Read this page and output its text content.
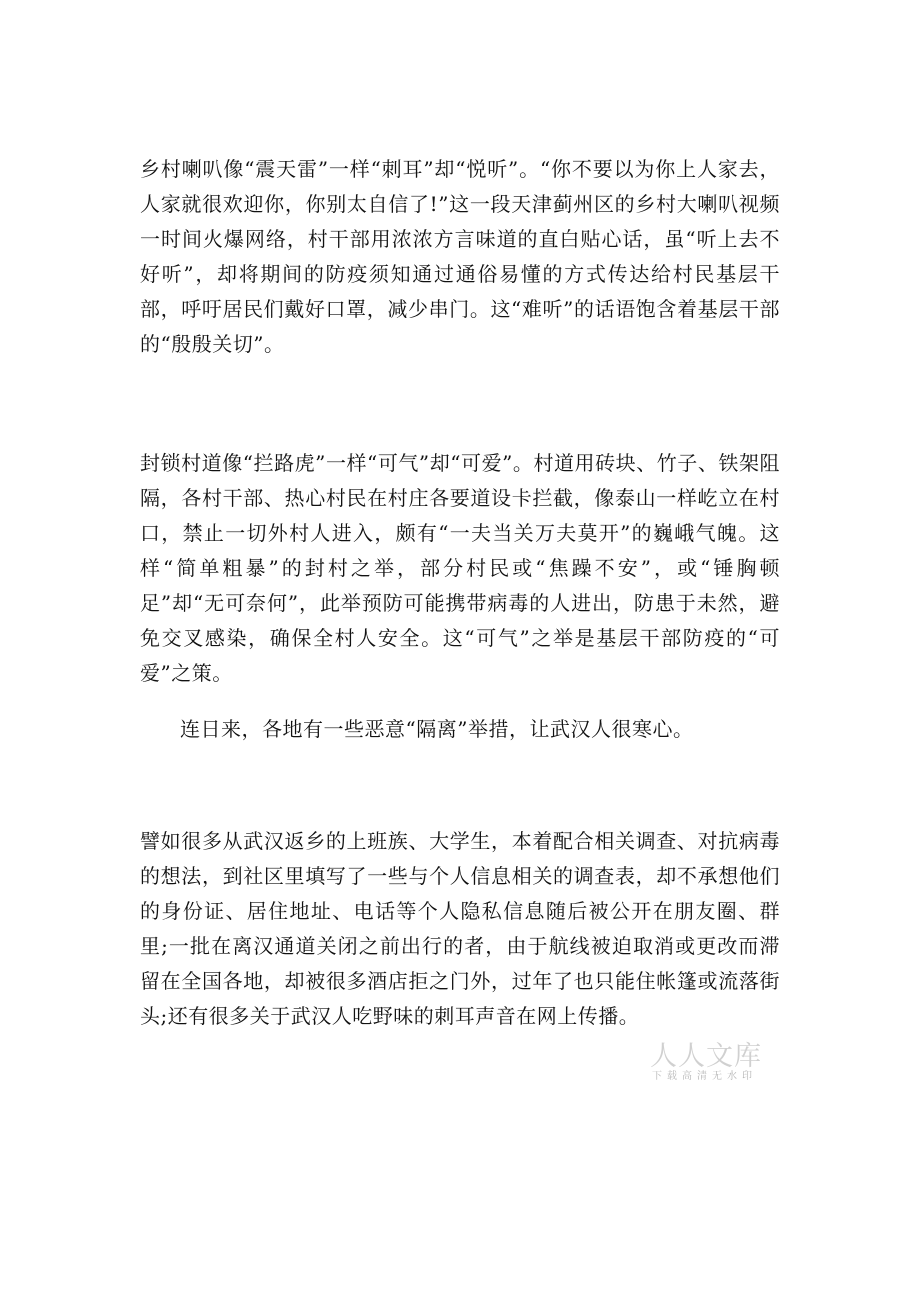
乡村喇叭像“震天雷”一样“刺耳”却“悦听”。“你不要以为你上人家去，人家就很欢迎你，你别太自信了!”这一段天津蓟州区的乡村大喇叭视频一时间火爆网络，村干部用浓浓方言味道的直白贴心话，虽“听上去不好听”，却将期间的防疫须知通过通俗易懂的方式传达给村民基层干部，呼吁居民们戴好口罩，减少串门。这“难听”的话语饱含着基层干部的“殷殷关切”。

封锁村道像“拦路虎”一样“可气”却“可爱”。村道用砖块、竹子、铁架阻隔，各村干部、热心村民在村庄各要道设卡拦截，像泰山一样屹立在村口，禁止一切外村人进入，颇有“一夫当关万夫莫开”的巍峨气魄。这样“简单粗暴”的封村之举，部分村民或“焦躁不安”，或“锤胸顿足”却“无可奈何”，此举预防可能携带病毒的人进出，防患于未然，避免交叉感染，确保全村人安全。这“可气”之举是基层干部防疫的“可爱”之策。

连日来，各地有一些恶意“隔离”举措，让武汉人很寒心。

譬如很多从武汉返乡的上班族、大学生，本着配合相关调查、对抗病毒的想法，到社区里填写了一些与个人信息相关的调查表，却不承想他们的身份证、居住地址、电话等个人隐私信息随后被公开在朋友圈、群里;一批在离汉通道关闭之前出行的者，由于航线被迫取消或更改而滞留在全国各地，却被很多酒店拒之门外，过年了也只能住帐篷或流落街头;还有很多关于武汉人吃野味的刺耳声音在网上传播。

人人文库
下载高清无水印
